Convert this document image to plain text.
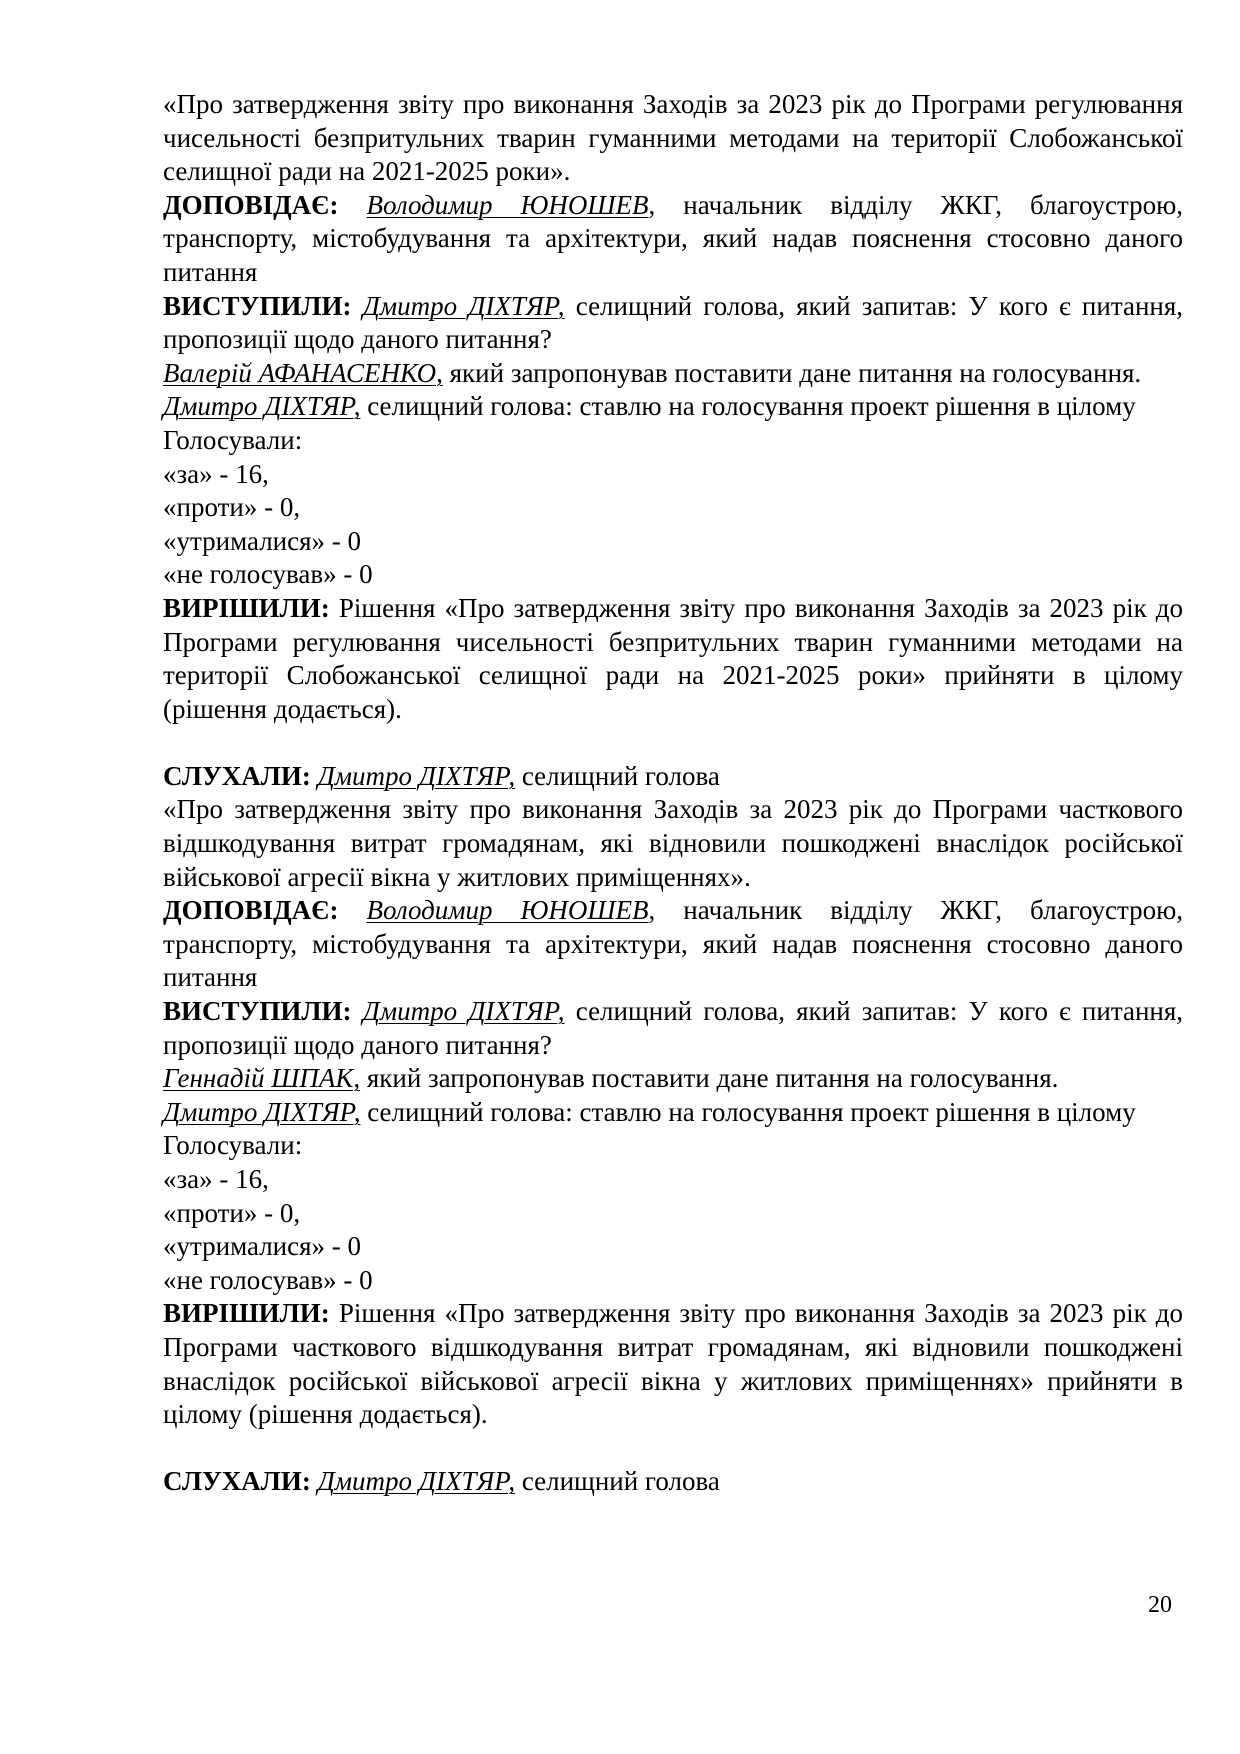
«Про затвердження звіту про виконання Заходів за 2023 рік до Програми регулювання чисельності безпритульних тварин гуманними методами на території Слобожанської селищної ради на 2021-2025 роки».

ДОПОВІДАЄ: Володимир ЮНОШЕВ, начальник відділу ЖКГ, благоустрою, транспорту, містобудування та архітектури, який надав пояснення стосовно даного питання

ВИСТУПИЛИ: Дмитро ДІХТЯР, селищний голова, який запитав: У кого є питання, пропозиції щодо даного питання?

Валерій АФАНАСЕНКО, який запропонував поставити дане питання на голосування.

Дмитро ДІХТЯР, селищний голова: ставлю на голосування проект рішення в цілому

Голосували:

«за» - 16,

«проти» - 0,

«утрималися» - 0

«не голосував» - 0

ВИРІШИЛИ: Рішення «Про затвердження звіту про виконання Заходів за 2023 рік до Програми регулювання чисельності безпритульних тварин гуманними методами на території Слобожанської селищної ради на 2021-2025 роки» прийняти в цілому (рішення додається).

СЛУХАЛИ: Дмитро ДІХТЯР, селищний голова

«Про затвердження звіту про виконання Заходів за 2023 рік до Програми часткового відшкодування витрат громадянам, які відновили пошкоджені внаслідок російської військової агресії вікна у житлових приміщеннях».

ДОПОВІДАЄ: Володимир ЮНОШЕВ, начальник відділу ЖКГ, благоустрою, транспорту, містобудування та архітектури, який надав пояснення стосовно даного питання

ВИСТУПИЛИ: Дмитро ДІХТЯР, селищний голова, який запитав: У кого є питання, пропозиції щодо даного питання?

Геннадій ШПАК, який запропонував поставити дане питання на голосування.

Дмитро ДІХТЯР, селищний голова: ставлю на голосування проект рішення в цілому

Голосували:

«за» - 16,

«проти» - 0,

«утрималися» - 0

«не голосував» - 0

ВИРІШИЛИ: Рішення «Про затвердження звіту про виконання Заходів за 2023 рік до Програми часткового відшкодування витрат громадянам, які відновили пошкоджені внаслідок російської військової агресії вікна у житлових приміщеннях» прийняти в цілому (рішення додається).

СЛУХАЛИ: Дмитро ДІХТЯР, селищний голова

20
